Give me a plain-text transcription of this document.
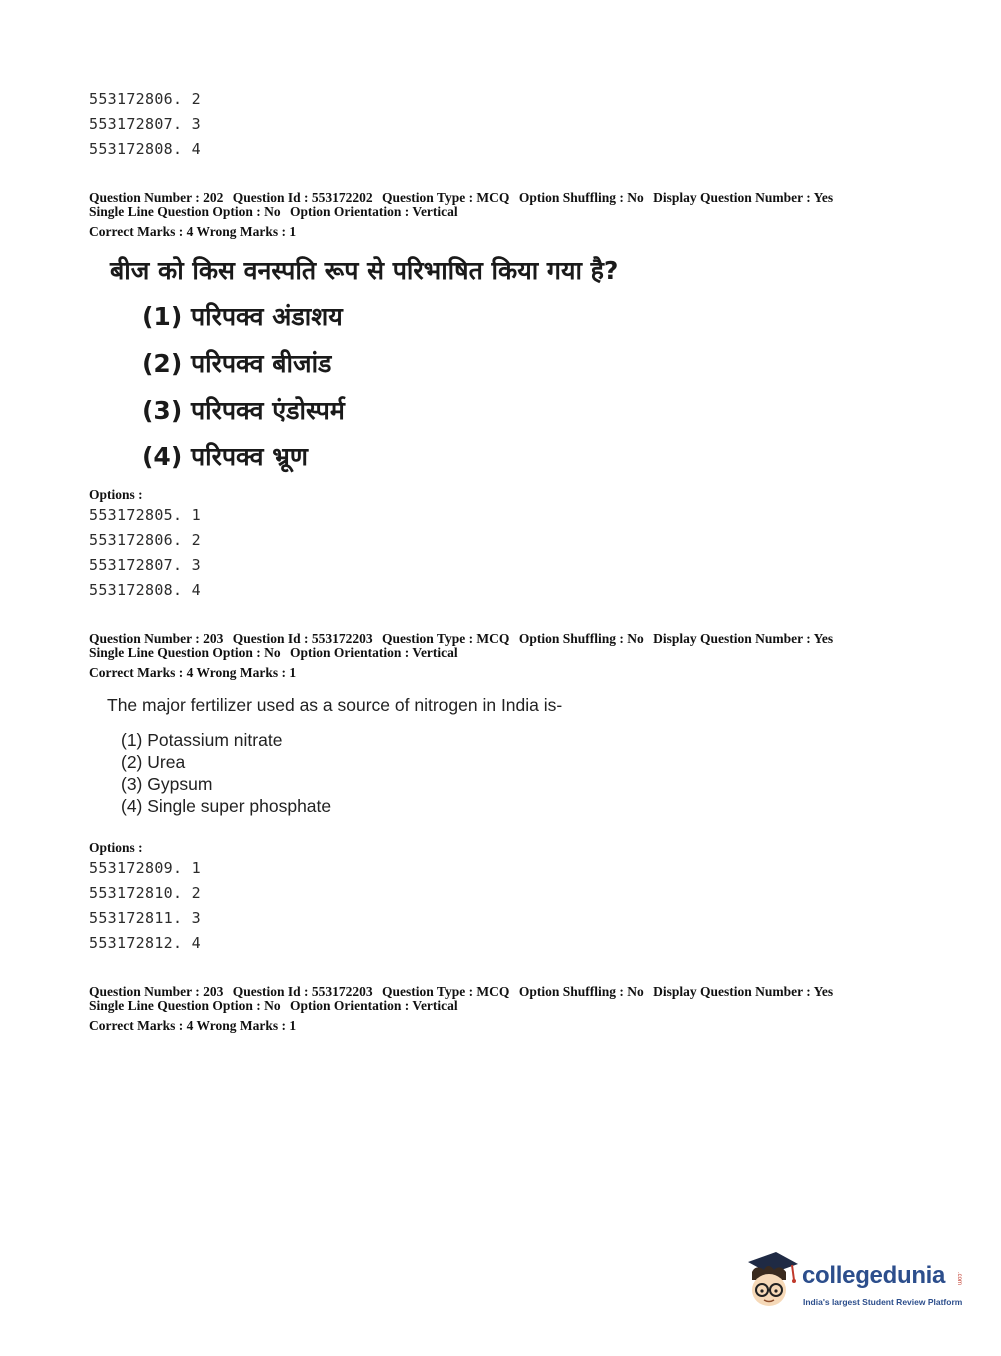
553172806. 2
553172807. 3
553172808. 4
Question Number : 202 Question Id : 553172202 Question Type : MCQ Option Shuffling : No Display Question Number : Yes
Single Line Question Option : No Option Orientation : Vertical
Correct Marks : 4 Wrong Marks : 1
बीज को किस वनस्पति रूप से परिभाषित किया गया है?
(1) परिपक्व अंडाशय
(2) परिपक्व बीजांड
(3) परिपक्व एंडोस्पर्म
(4) परिपक्व भ्रूण
Options :
553172805. 1
553172806. 2
553172807. 3
553172808. 4
Question Number : 203 Question Id : 553172203 Question Type : MCQ Option Shuffling : No Display Question Number : Yes
Single Line Question Option : No Option Orientation : Vertical
Correct Marks : 4 Wrong Marks : 1
The major fertilizer used as a source of nitrogen in India is-
(1) Potassium nitrate
(2) Urea
(3) Gypsum
(4) Single super phosphate
Options :
553172809. 1
553172810. 2
553172811. 3
553172812. 4
Question Number : 203 Question Id : 553172203 Question Type : MCQ Option Shuffling : No Display Question Number : Yes
Single Line Question Option : No Option Orientation : Vertical
Correct Marks : 4 Wrong Marks : 1
collegedunia .com
India's largest Student Review Platform
